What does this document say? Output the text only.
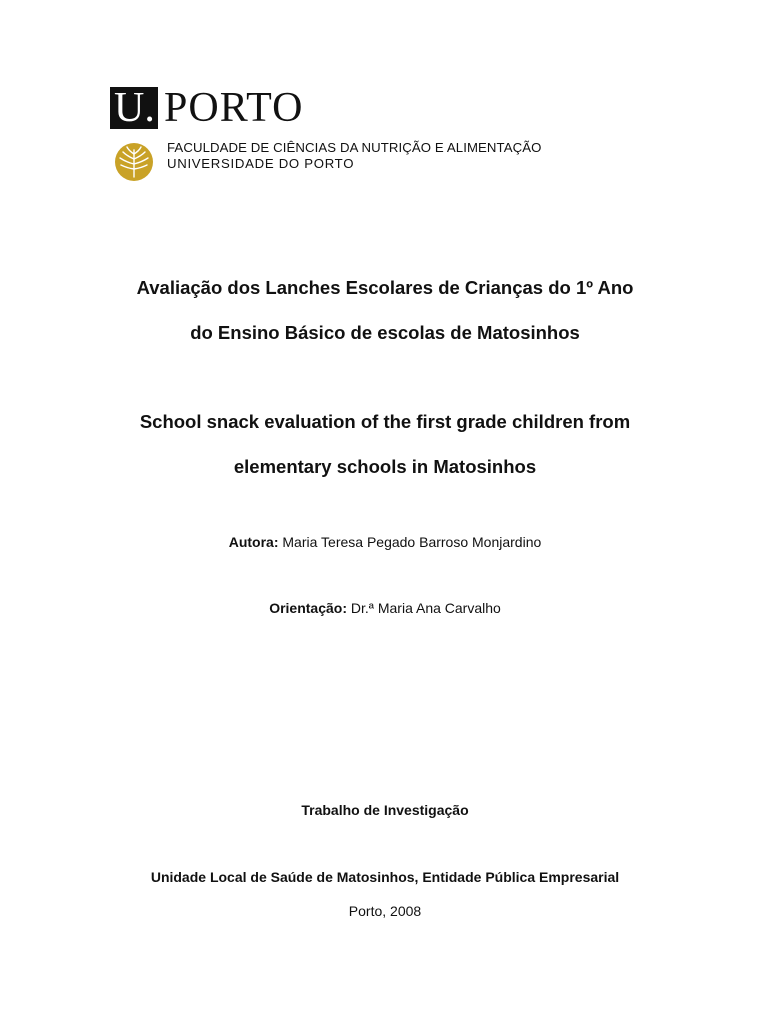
U. PORTO
FACULDADE DE CIÊNCIAS DA NUTRIÇÃO E ALIMENTAÇÃO
UNIVERSIDADE DO PORTO
Avaliação dos Lanches Escolares de Crianças do 1º Ano
do Ensino Básico de escolas de Matosinhos
School snack evaluation of the first grade children from
elementary schools in Matosinhos
Autora: Maria Teresa Pegado Barroso Monjardino
Orientação: Dr.ª Maria Ana Carvalho
Trabalho de Investigação
Unidade Local de Saúde de Matosinhos, Entidade Pública Empresarial
Porto, 2008
